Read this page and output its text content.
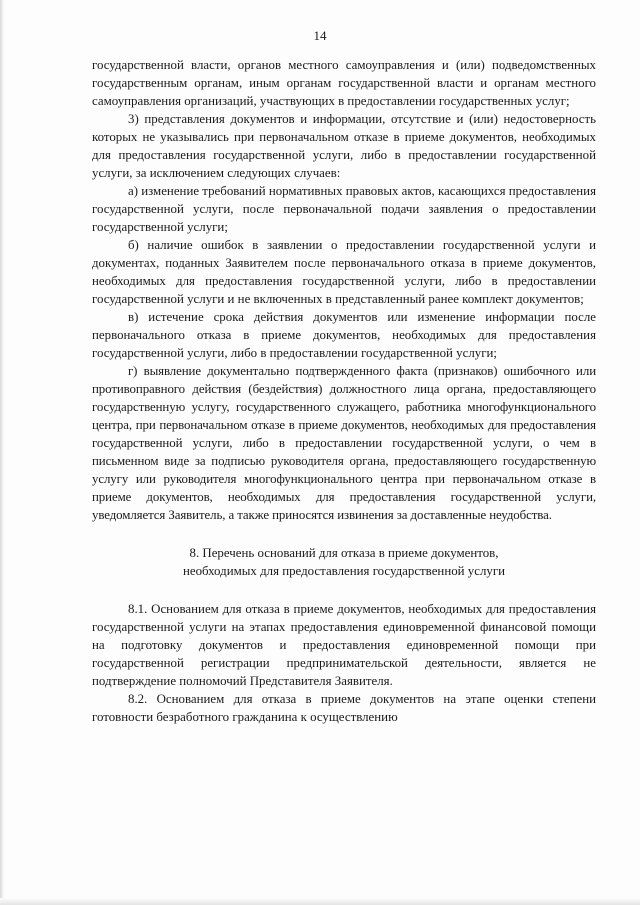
14

государственной власти, органов местного самоуправления и (или) подведомственных государственным органам, иным органам государственной власти и органам местного самоуправления организаций, участвующих в предоставлении государственных услуг;

3) представления документов и информации, отсутствие и (или) недостоверность которых не указывались при первоначальном отказе в приеме документов, необходимых для предоставления государственной услуги, либо в предоставлении государственной услуги, за исключением следующих случаев:

а) изменение требований нормативных правовых актов, касающихся предоставления государственной услуги, после первоначальной подачи заявления о предоставлении государственной услуги;

б) наличие ошибок в заявлении о предоставлении государственной услуги и документах, поданных Заявителем после первоначального отказа в приеме документов, необходимых для предоставления государственной услуги, либо в предоставлении государственной услуги и не включенных в представленный ранее комплект документов;

в) истечение срока действия документов или изменение информации после первоначального отказа в приеме документов, необходимых для предоставления государственной услуги, либо в предоставлении государственной услуги;

г) выявление документально подтвержденного факта (признаков) ошибочного или противоправного действия (бездействия) должностного лица органа, предоставляющего государственную услугу, государственного служащего, работника многофункционального центра, при первоначальном отказе в приеме документов, необходимых для предоставления государственной услуги, либо в предоставлении государственной услуги, о чем в письменном виде за подписью руководителя органа, предоставляющего государственную услугу или руководителя многофункционального центра при первоначальном отказе в приеме документов, необходимых для предоставления государственной услуги, уведомляется Заявитель, а также приносятся извинения за доставленные неудобства.

8. Перечень оснований для отказа в приеме документов,
необходимых для предоставления государственной услуги

8.1. Основанием для отказа в приеме документов, необходимых для предоставления государственной услуги на этапах предоставления единовременной финансовой помощи на подготовку документов и предоставления единовременной помощи при государственной регистрации предпринимательской деятельности, является не подтверждение полномочий Представителя Заявителя.

8.2. Основанием для отказа в приеме документов на этапе оценки степени готовности безработного гражданина к осуществлению
